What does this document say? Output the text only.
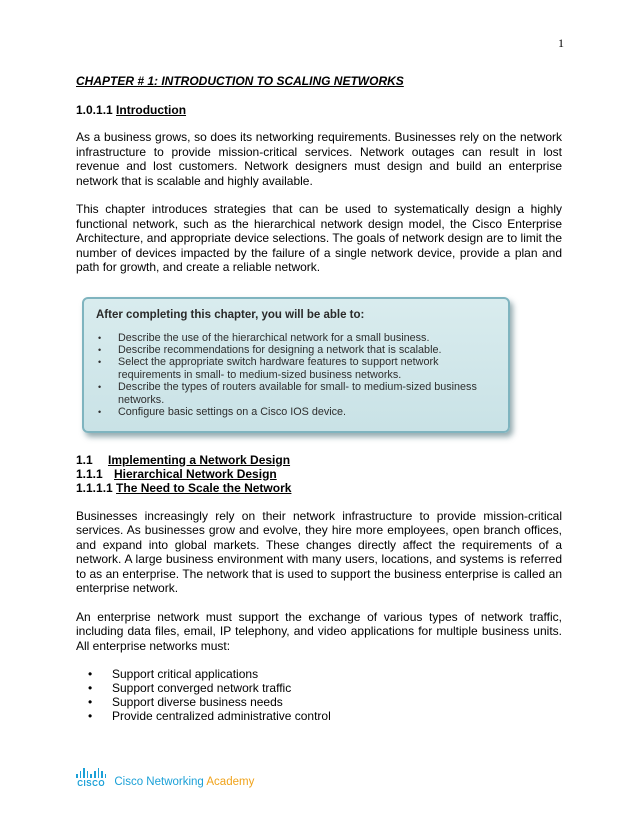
1
CHAPTER # 1: INTRODUCTION TO SCALING NETWORKS
1.0.1.1 Introduction

As a business grows, so does its networking requirements. Businesses rely on the network infrastructure to provide mission-critical services. Network outages can result in lost revenue and lost customers. Network designers must design and build an enterprise network that is scalable and highly available.

This chapter introduces strategies that can be used to systematically design a highly functional network, such as the hierarchical network design model, the Cisco Enterprise Architecture, and appropriate device selections. The goals of network design are to limit the number of devices impacted by the failure of a single network device, provide a plan and path for growth, and create a reliable network.

After completing this chapter, you will be able to:
• Describe the use of the hierarchical network for a small business.
• Describe recommendations for designing a network that is scalable.
• Select the appropriate switch hardware features to support network requirements in small- to medium-sized business networks.
• Describe the types of routers available for small- to medium-sized business networks.
• Configure basic settings on a Cisco IOS device.
1.1 Implementing a Network Design
1.1.1 Hierarchical Network Design
1.1.1.1 The Need to Scale the Network

Businesses increasingly rely on their network infrastructure to provide mission-critical services. As businesses grow and evolve, they hire more employees, open branch offices, and expand into global markets. These changes directly affect the requirements of a network. A large business environment with many users, locations, and systems is referred to as an enterprise. The network that is used to support the business enterprise is called an enterprise network.

An enterprise network must support the exchange of various types of network traffic, including data files, email, IP telephony, and video applications for multiple business units. All enterprise networks must:

• Support critical applications
• Support converged network traffic
• Support diverse business needs
• Provide centralized administrative control
CISCO Cisco Networking Academy
